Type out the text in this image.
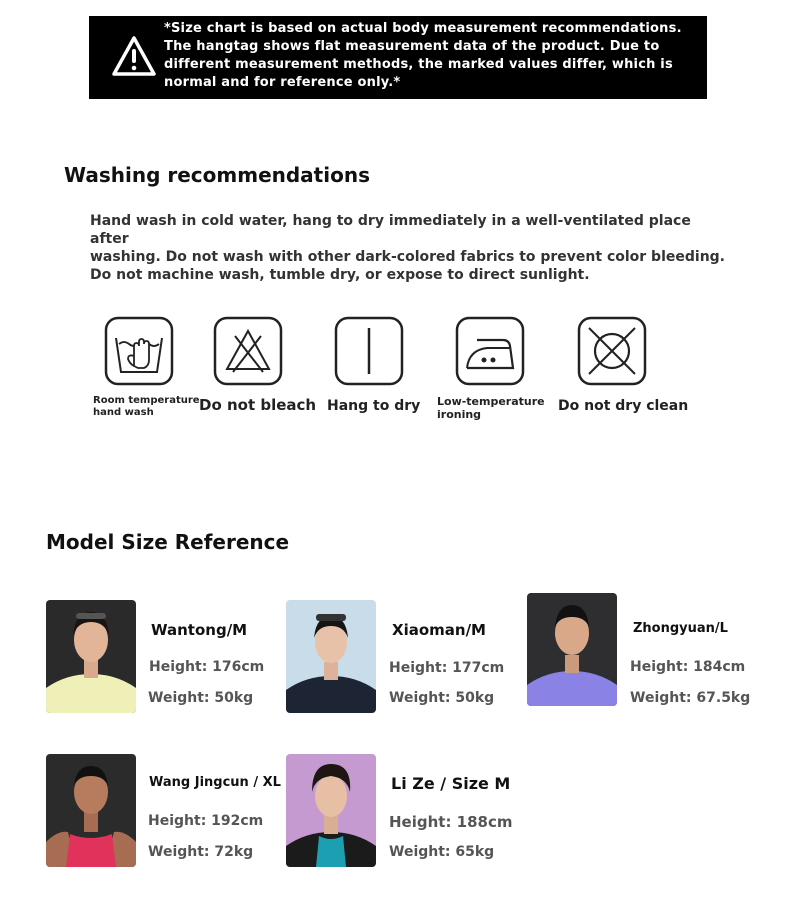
*Size chart is based on actual body measurement recommendations.
The hangtag shows flat measurement data of the product. Due to
different measurement methods, the marked values differ, which is
normal and for reference only.*
Washing recommendations
Hand wash in cold water, hang to dry immediately in a well-ventilated place after
washing. Do not wash with other dark-colored fabrics to prevent color bleeding.
Do not machine wash, tumble dry, or expose to direct sunlight.
Room temperature
hand wash	Do not bleach Hang to dry Low-temperature
ironing
Do not dry clean
Model Size Reference
Wantong/M
Height: 176cm
Weight: 50kg
Xiaoman/M
Height: 177cm
Weight: 50kg
Zhongyuan/L
Height: 184cm
Weight: 67.5kg
Wang Jingcun / XL
Height: 192cm
Weight: 72kg
Li Ze / Size M
Height: 188cm
Weight: 65kg
